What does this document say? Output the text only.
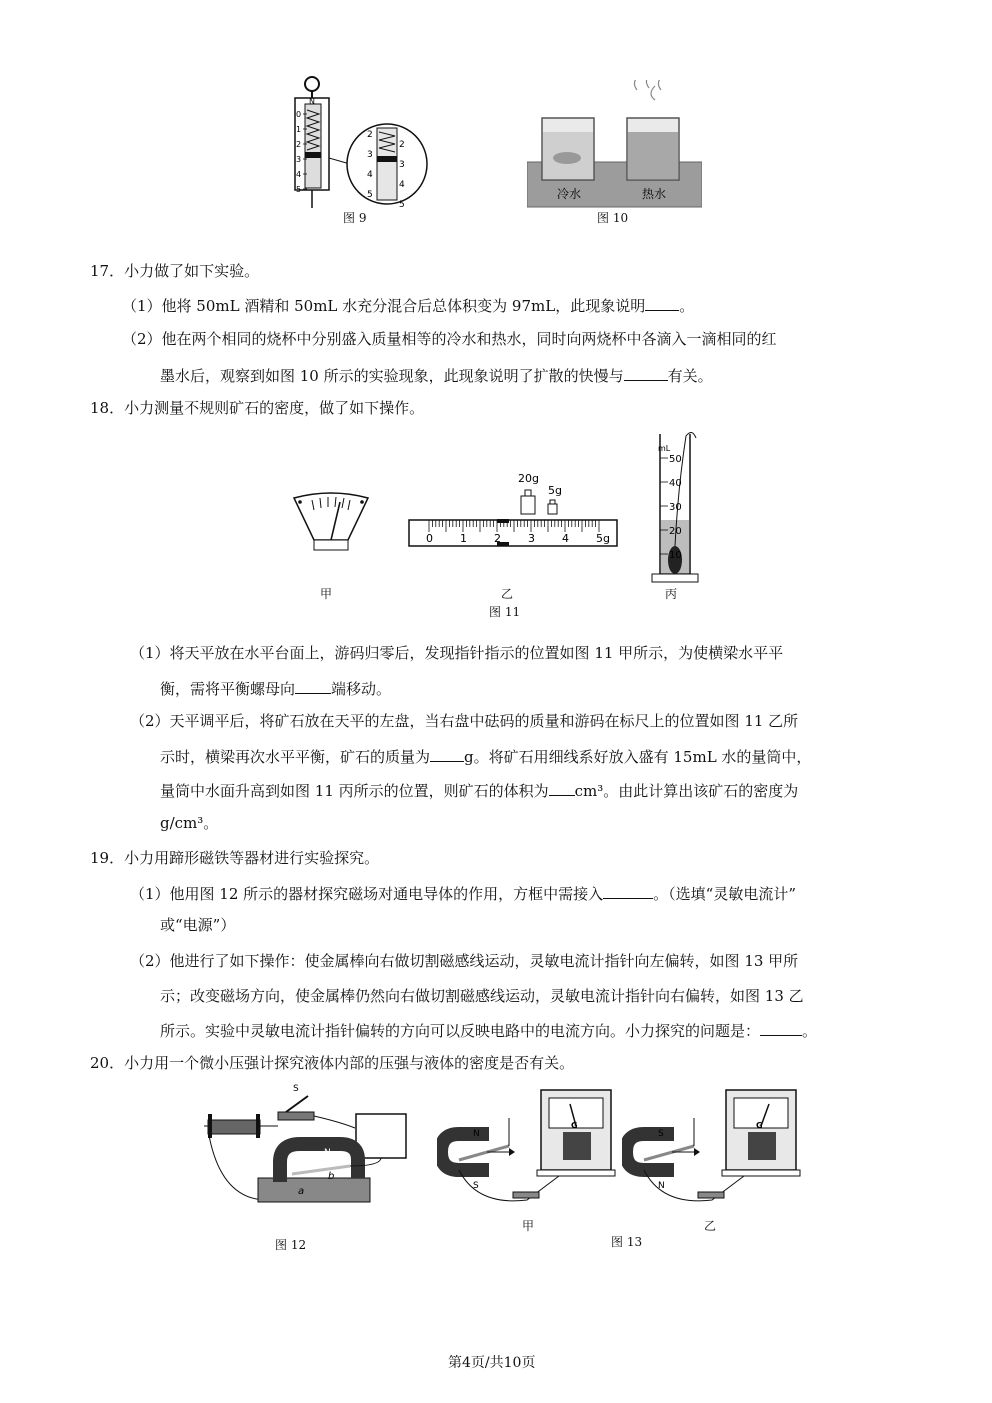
0
1
2
3
4
5
N
2
2
3
3
4
4
5
5
图 9
冷水	热水
图 10
17．小力做了如下实验。
（1）他将 50mL 酒精和 50mL 水充分混合后总体积变为 97mL，此现象说明 。
（2）他在两个相同的烧杯中分别盛入质量相等的冷水和热水，同时向两烧杯中各滴入一滴相同的红
墨水后，观察到如图 10 所示的实验现象，此现象说明了扩散的快慢与	有关。
18．小力测量不规则矿石的密度，做了如下操作。
甲
20g
5g
0 1 2 3 4 5g
乙
图 11
mL
50
40
30
20
10
丙
（1）将天平放在水平台面上，游码归零后，发现指针指示的位置如图 11 甲所示，为使横梁水平平
衡，需将平衡螺母向 端移动。
（2）天平调平后，将矿石放在天平的左盘，当右盘中砝码的质量和游码在标尺上的位置如图 11 乙所
示时，横梁再次水平平衡，矿石的质量为 g。将矿石用细线系好放入盛有 15mL 水的量筒中，
量筒中水面升高到如图 11 丙所示的位置，则矿石的体积为 cm³。由此计算出该矿石的密度为
g/cm³。
19．小力用蹄形磁铁等器材进行实验探究。
（1）他用图 12 所示的器材探究磁场对通电导体的作用，方框中需接入	。（选填“灵敏电流计”
或“电源”）
（2）他进行了如下操作：使金属棒向右做切割磁感线运动，灵敏电流计指针向左偏转，如图 13 甲所
示；改变磁场方向，使金属棒仍然向右做切割磁感线运动，灵敏电流计指针向右偏转，如图 13 乙
所示。实验中灵敏电流计指针偏转的方向可以反映电路中的电流方向。小力探究的问题是：	。
20．小力用一个微小压强计探究液体内部的压强与液体的密度是否有关。
S
N
b
a
图 12
N
S
G
甲
S
N
G
乙
图 13
第4页/共10页
